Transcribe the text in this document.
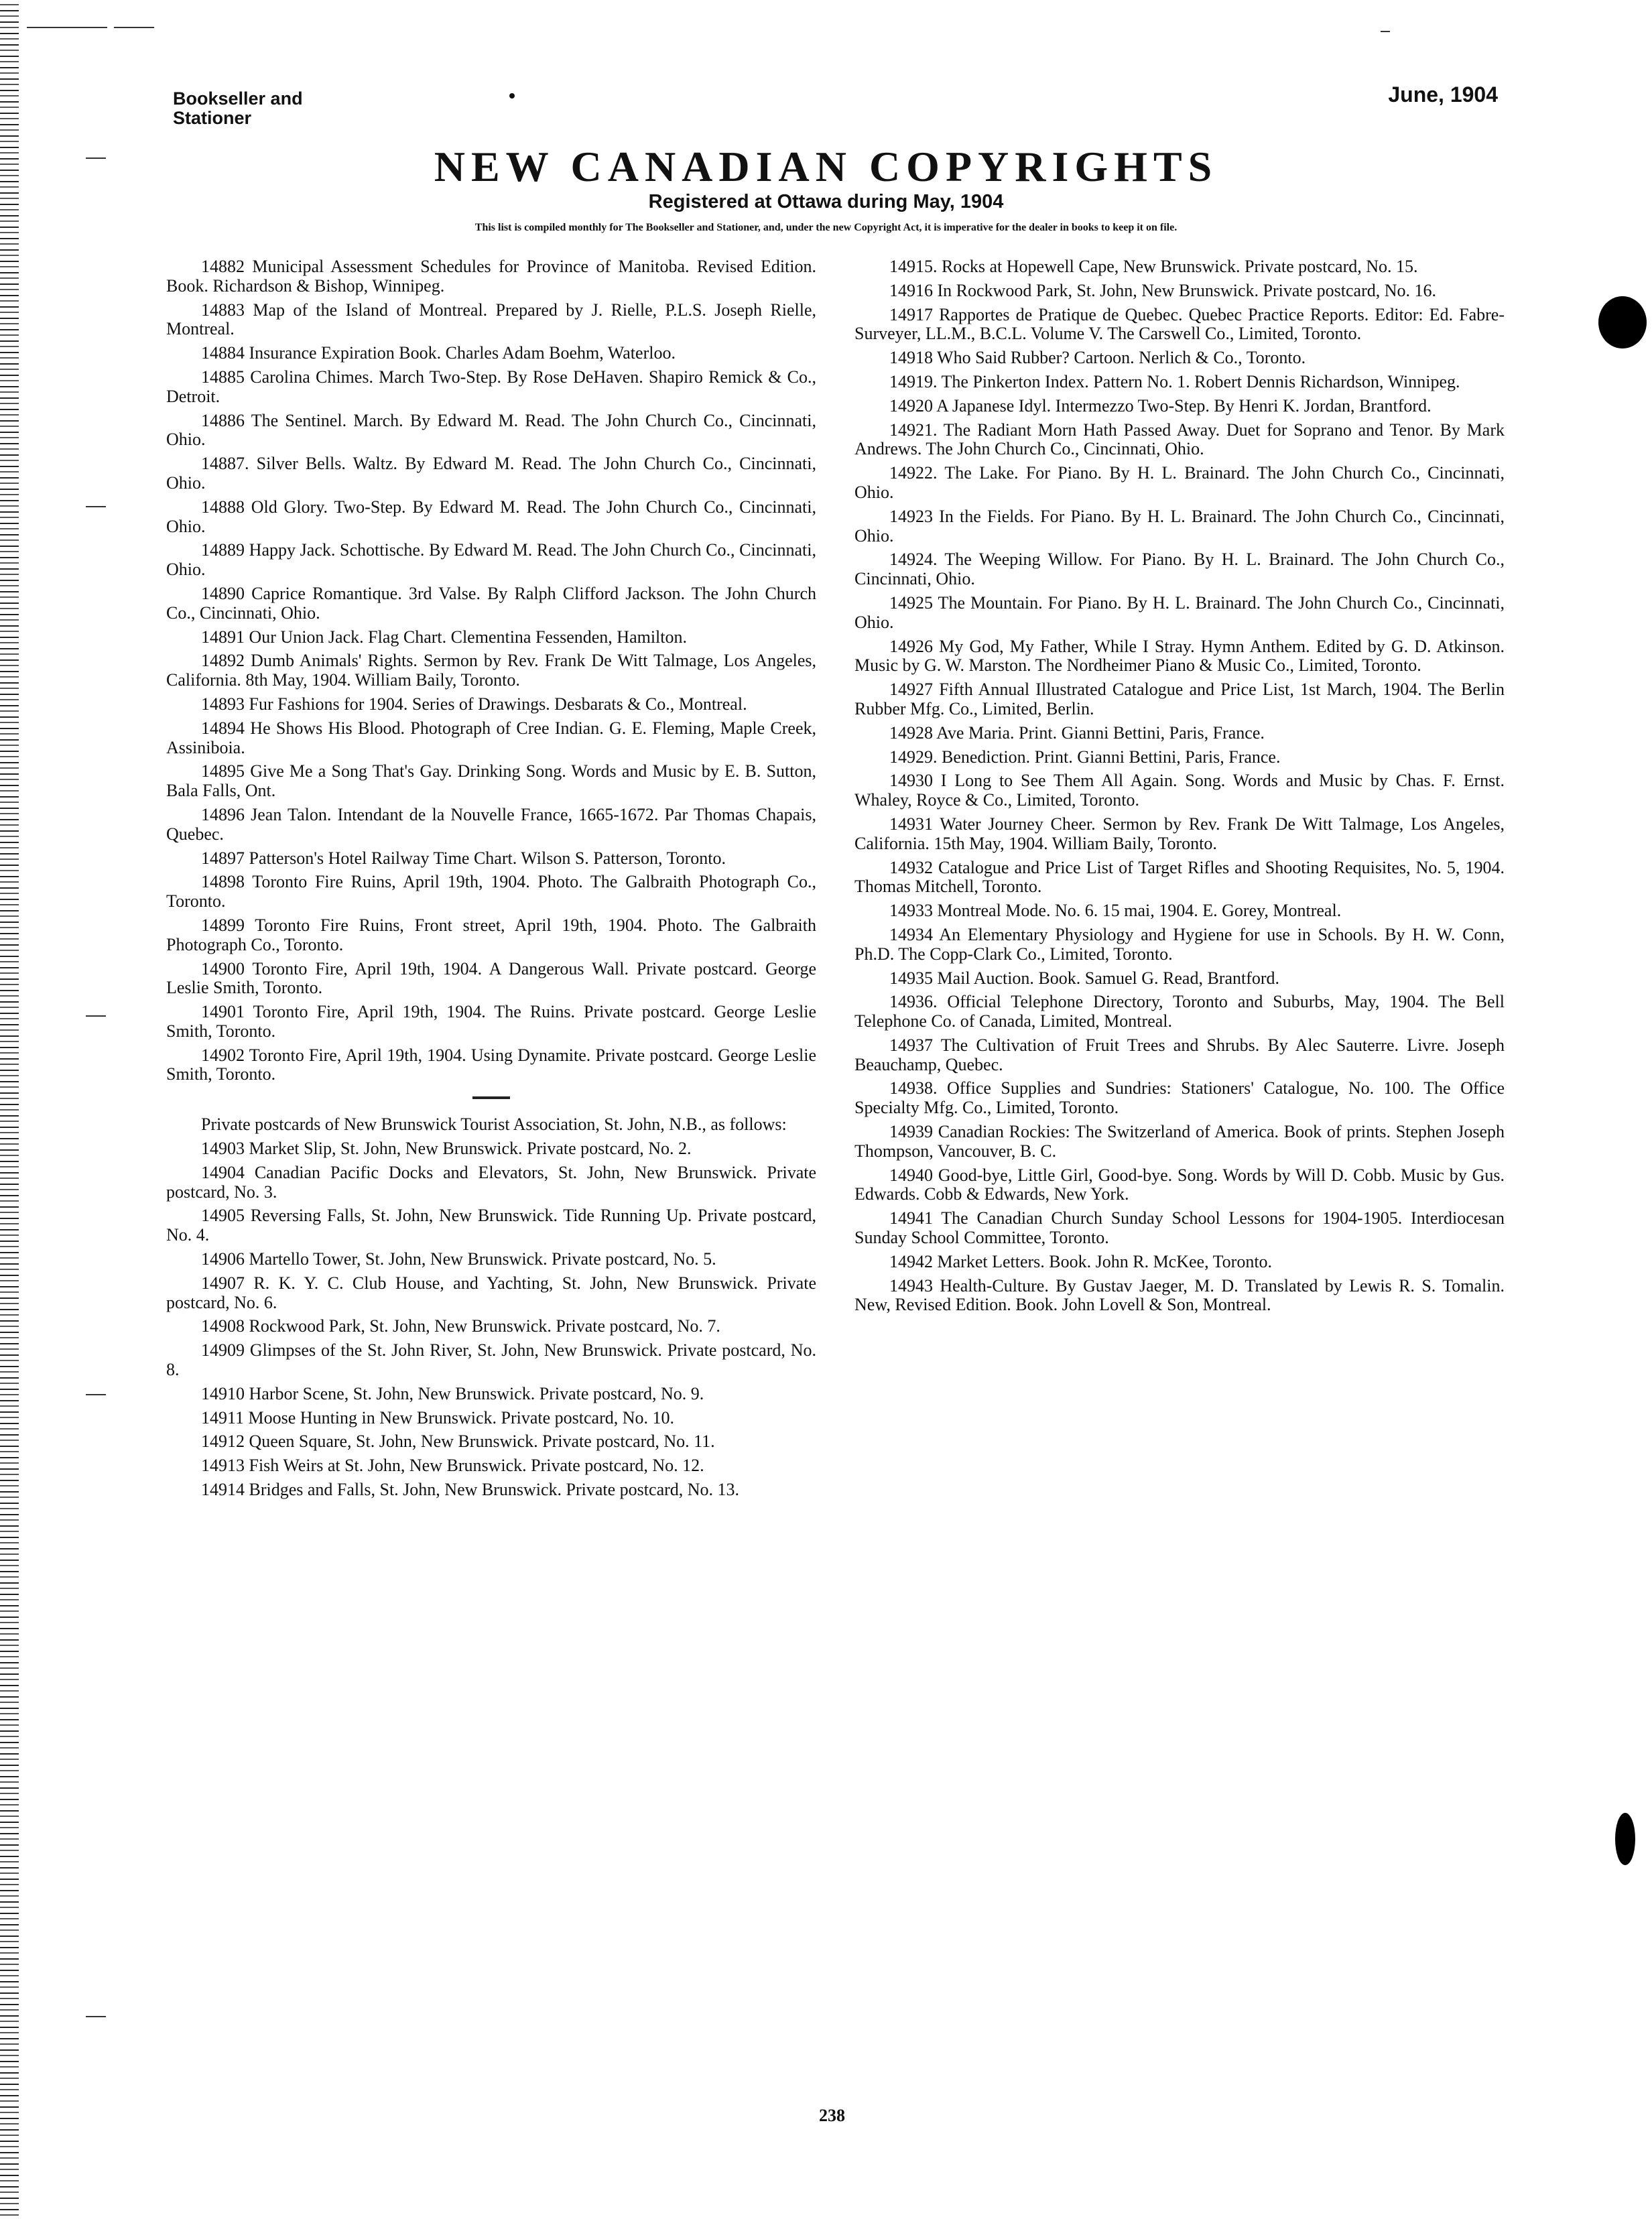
Bookseller and
Stationer
June, 1904
NEW CANADIAN COPYRIGHTS
Registered at Ottawa during May, 1904
This list is compiled monthly for The Bookseller and Stationer, and, under the new Copyright Act, it is imperative for the dealer in books to keep it on file.

14882 Municipal Assessment Schedules for Province of Manitoba. Revised Edition. Book. Richardson & Bishop, Winnipeg.

14883 Map of the Island of Montreal. Prepared by J. Rielle, P.L.S. Joseph Rielle, Montreal.

14884 Insurance Expiration Book. Charles Adam Boehm, Waterloo.

14885 Carolina Chimes. March Two-Step. By Rose DeHaven. Shapiro Remick & Co., Detroit.

14886 The Sentinel. March. By Edward M. Read. The John Church Co., Cincinnati, Ohio.

14887. Silver Bells. Waltz. By Edward M. Read. The John Church Co., Cincinnati, Ohio.

14888 Old Glory. Two-Step. By Edward M. Read. The John Church Co., Cincinnati, Ohio.

14889 Happy Jack. Schottische. By Edward M. Read. The John Church Co., Cincinnati, Ohio.

14890 Caprice Romantique. 3rd Valse. By Ralph Clifford Jackson. The John Church Co., Cincinnati, Ohio.

14891 Our Union Jack. Flag Chart. Clementina Fessenden, Hamilton.

14892 Dumb Animals' Rights. Sermon by Rev. Frank De Witt Talmage, Los Angeles, California. 8th May, 1904. William Baily, Toronto.

14893 Fur Fashions for 1904. Series of Drawings. Desbarats & Co., Montreal.

14894 He Shows His Blood. Photograph of Cree Indian. G. E. Fleming, Maple Creek, Assiniboia.

14895 Give Me a Song That's Gay. Drinking Song. Words and Music by E. B. Sutton, Bala Falls, Ont.

14896 Jean Talon. Intendant de la Nouvelle France, 1665-1672. Par Thomas Chapais, Quebec.

14897 Patterson's Hotel Railway Time Chart. Wilson S. Patterson, Toronto.

14898 Toronto Fire Ruins, April 19th, 1904. Photo. The Galbraith Photograph Co., Toronto.

14899 Toronto Fire Ruins, Front street, April 19th, 1904. Photo. The Galbraith Photograph Co., Toronto.

14900 Toronto Fire, April 19th, 1904. A Dangerous Wall. Private postcard. George Leslie Smith, Toronto.

14901 Toronto Fire, April 19th, 1904. The Ruins. Private postcard. George Leslie Smith, Toronto.

14902 Toronto Fire, April 19th, 1904. Using Dynamite. Private postcard. George Leslie Smith, Toronto.

Private postcards of New Brunswick Tourist Association, St. John, N.B., as follows:

14903 Market Slip, St. John, New Brunswick. Private postcard, No. 2.

14904 Canadian Pacific Docks and Elevators, St. John, New Brunswick. Private postcard, No. 3.

14905 Reversing Falls, St. John, New Brunswick. Tide Running Up. Private postcard, No. 4.

14906 Martello Tower, St. John, New Brunswick. Private postcard, No. 5.

14907 R. K. Y. C. Club House, and Yachting, St. John, New Brunswick. Private postcard, No. 6.

14908 Rockwood Park, St. John, New Brunswick. Private postcard, No. 7.

14909 Glimpses of the St. John River, St. John, New Brunswick. Private postcard, No. 8.

14910 Harbor Scene, St. John, New Brunswick. Private postcard, No. 9.

14911 Moose Hunting in New Brunswick. Private postcard, No. 10.

14912 Queen Square, St. John, New Brunswick. Private postcard, No. 11.

14913 Fish Weirs at St. John, New Brunswick. Private postcard, No. 12.

14914 Bridges and Falls, St. John, New Brunswick. Private postcard, No. 13.

14915. Rocks at Hopewell Cape, New Brunswick. Private postcard, No. 15.

14916 In Rockwood Park, St. John, New Brunswick. Private postcard, No. 16.

14917 Rapportes de Pratique de Quebec. Quebec Practice Reports. Editor: Ed. Fabre-Surveyer, LL.M., B.C.L. Volume V. The Carswell Co., Limited, Toronto.

14918 Who Said Rubber? Cartoon. Nerlich & Co., Toronto.

14919. The Pinkerton Index. Pattern No. 1. Robert Dennis Richardson, Winnipeg.

14920 A Japanese Idyl. Intermezzo Two-Step. By Henri K. Jordan, Brantford.

14921. The Radiant Morn Hath Passed Away. Duet for Soprano and Tenor. By Mark Andrews. The John Church Co., Cincinnati, Ohio.

14922. The Lake. For Piano. By H. L. Brainard. The John Church Co., Cincinnati, Ohio.

14923 In the Fields. For Piano. By H. L. Brainard. The John Church Co., Cincinnati, Ohio.

14924. The Weeping Willow. For Piano. By H. L. Brainard. The John Church Co., Cincinnati, Ohio.

14925 The Mountain. For Piano. By H. L. Brainard. The John Church Co., Cincinnati, Ohio.

14926 My God, My Father, While I Stray. Hymn Anthem. Edited by G. D. Atkinson. Music by G. W. Marston. The Nordheimer Piano & Music Co., Limited, Toronto.

14927 Fifth Annual Illustrated Catalogue and Price List, 1st March, 1904. The Berlin Rubber Mfg. Co., Limited, Berlin.

14928 Ave Maria. Print. Gianni Bettini, Paris, France.

14929. Benediction. Print. Gianni Bettini, Paris, France.

14930 I Long to See Them All Again. Song. Words and Music by Chas. F. Ernst. Whaley, Royce & Co., Limited, Toronto.

14931 Water Journey Cheer. Sermon by Rev. Frank De Witt Talmage, Los Angeles, California. 15th May, 1904. William Baily, Toronto.

14932 Catalogue and Price List of Target Rifles and Shooting Requisites, No. 5, 1904. Thomas Mitchell, Toronto.

14933 Montreal Mode. No. 6. 15 mai, 1904. E. Gorey, Montreal.

14934 An Elementary Physiology and Hygiene for use in Schools. By H. W. Conn, Ph.D. The Copp-Clark Co., Limited, Toronto.

14935 Mail Auction. Book. Samuel G. Read, Brantford.

14936. Official Telephone Directory, Toronto and Suburbs, May, 1904. The Bell Telephone Co. of Canada, Limited, Montreal.

14937 The Cultivation of Fruit Trees and Shrubs. By Alec Sauterre. Livre. Joseph Beauchamp, Quebec.

14938. Office Supplies and Sundries: Stationers' Catalogue, No. 100. The Office Specialty Mfg. Co., Limited, Toronto.

14939 Canadian Rockies: The Switzerland of America. Book of prints. Stephen Joseph Thompson, Vancouver, B. C.

14940 Good-bye, Little Girl, Good-bye. Song. Words by Will D. Cobb. Music by Gus. Edwards. Cobb & Edwards, New York.

14941 The Canadian Church Sunday School Lessons for 1904-1905. Interdiocesan Sunday School Committee, Toronto.

14942 Market Letters. Book. John R. McKee, Toronto.

14943 Health-Culture. By Gustav Jaeger, M. D. Translated by Lewis R. S. Tomalin. New, Revised Edition. Book. John Lovell & Son, Montreal.

238
